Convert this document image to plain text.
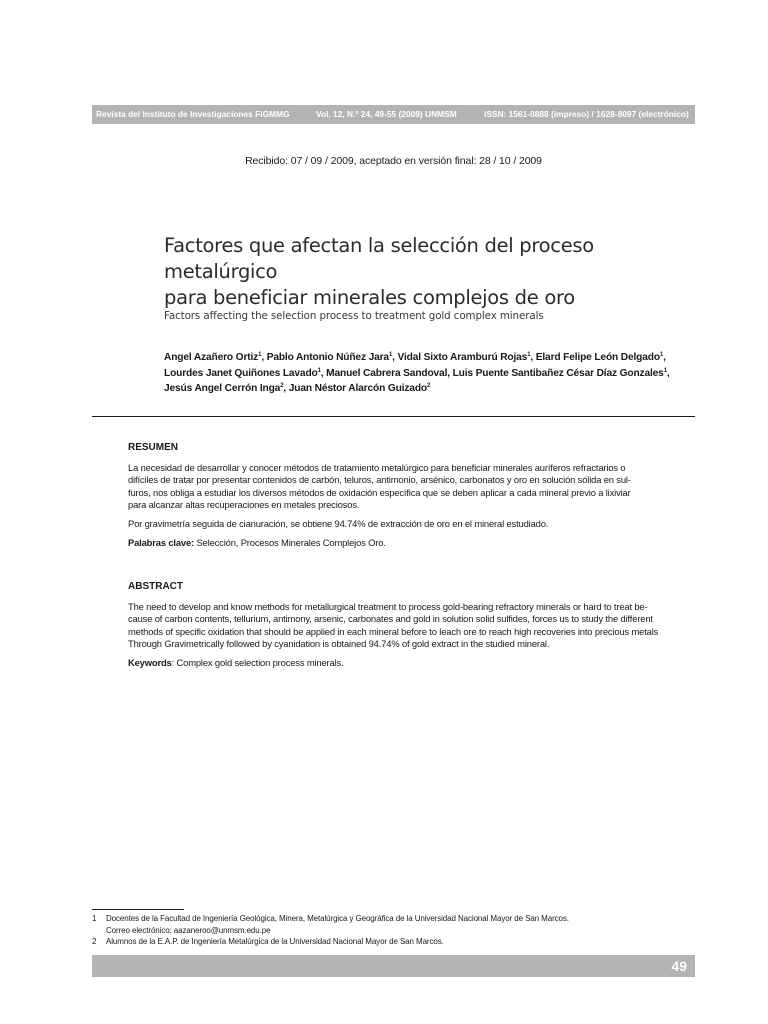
Revista del Instituto de Investigaciones FIGMMG	Vol. 12, N.º 24, 49-55 (2009) UNMSM	ISSN: 1561-0888 (impreso) / 1628-8097 (electrónico)
Recibido: 07 / 09 / 2009, aceptado en versión final: 28 / 10 / 2009
Factores que afectan la selección del proceso metalúrgico
para beneficiar minerales complejos de oro

Factors affecting the selection process to treatment gold complex minerals

Angel Azañero Ortiz$^1$, Pablo Antonio Núñez Jara$^1$, Vidal Sixto Aramburú Rojas$^1$, Elard Felipe León Delgado$^1$,
Lourdes Janet Quiñones Lavado$^1$, Manuel Cabrera Sandoval, Luis Puente Santibañez César Díaz Gonzales$^1$,
Jesús Angel Cerrón Inga$^2$, Juan Néstor Alarcón Guizado$^2$

RESUMEN
La necesidad de desarrollar y conocer métodos de tratamiento metalúrgico para beneficiar minerales auríferos refractarios o
difíciles de tratar por presentar contenidos de carbón, teluros, antimonio, arsénico, carbonatos y oro en solución sólida en sul-
furos, nos obliga a estudiar los diversos métodos de oxidación específica que se deben aplicar a cada mineral previo a lixiviar
para alcanzar altas recuperaciones en metales preciosos.
Por gravimetría seguida de cianuración, se obtiene 94.74% de extracción de oro en el mineral estudiado.
Palabras clave: Selección, Procesos Minerales Complejos Oro.
ABSTRACT
The need to develop and know methods for metallurgical treatment to process gold-bearing refractory minerals or hard to treat be-
cause of carbon contents, tellurium, antimony, arsenic, carbonates and gold in solution solid sulfides, forces us to study the different
methods of specific oxidation that should be applied in each mineral before to leach ore to reach high recoveries into precious metals
Through Gravimetrically followed by cyanidation is obtained 94.74% of gold extract in the studied mineral.
Keywords: Complex gold selection process minerals.
1 Docentes de la Facultad de Ingeniería Geológica, Minera, Metalúrgica y Geográfica de la Universidad Nacional Mayor de San Marcos.
Correo electrónico: aazaneroo@unmsm.edu.pe
2 Alumnos de la E.A.P. de Ingeniería Metalúrgica de la Universidad Nacional Mayor de San Marcos.
49
